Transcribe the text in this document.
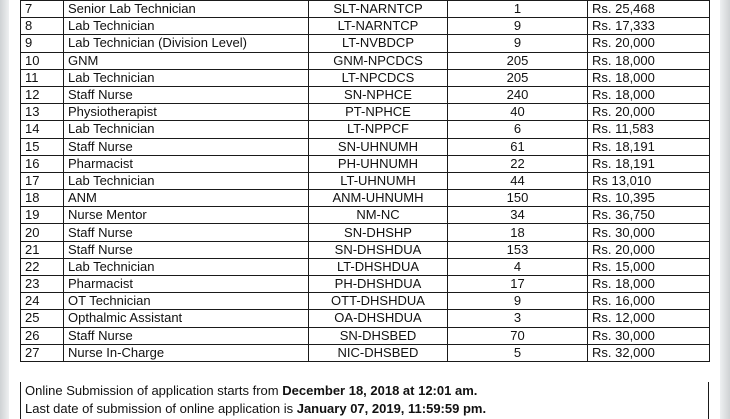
7	Senior Lab Technician	SLT-NARNTCP	1	Rs. 25,468
8	Lab Technician	LT-NARNTCP	9	Rs. 17,333
9	Lab Technician (Division Level)	LT-NVBDCP	9	Rs. 20,000
10	GNM	GNM-NPCDCS	205	Rs. 18,000
11	Lab Technician	LT-NPCDCS	205	Rs. 18,000
12	Staff Nurse	SN-NPHCE	240	Rs. 18,000
13	Physiotherapist	PT-NPHCE	40	Rs. 20,000
14	Lab Technician	LT-NPPCF	6	Rs. 11,583
15	Staff Nurse	SN-UHNUMH	61	Rs. 18,191
16	Pharmacist	PH-UHNUMH	22	Rs. 18,191
17	Lab Technician	LT-UHNUMH	44	Rs 13,010
18	ANM	ANM-UHNUMH	150	Rs. 10,395
19	Nurse Mentor	NM-NC	34	Rs. 36,750
20	Staff Nurse	SN-DHSHP	18	Rs. 30,000
21	Staff Nurse	SN-DHSHDUA	153	Rs. 20,000
22	Lab Technician	LT-DHSHDUA	4	Rs. 15,000
23	Pharmacist	PH-DHSHDUA	17	Rs. 18,000
24	OT Technician	OTT-DHSHDUA	9	Rs. 16,000
25	Opthalmic Assistant	OA-DHSHDUA	3	Rs. 12,000
26	Staff Nurse	SN-DHSBED	70	Rs. 30,000
27	Nurse In-Charge	NIC-DHSBED	5	Rs. 32,000
Online Submission of application starts from December 18, 2018 at 12:01 am.
Last date of submission of online application is January 07, 2019, 11:59:59 pm.
